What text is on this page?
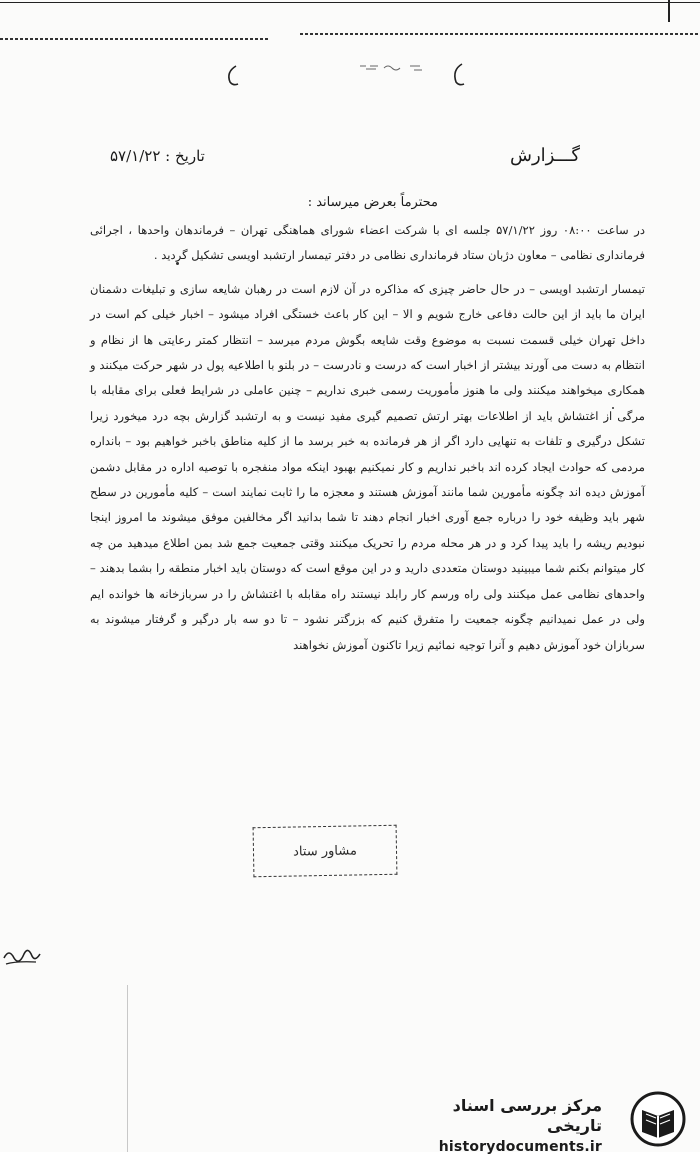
گـــزارش
تاریخ : ۵۷/۱/۲۲
محترماً بعرض میرساند :

در ساعت ۰۸:۰۰ روز ۵۷/۱/۲۲ جلسه ای با شرکت اعضاء شورای هماهنگی تهران – فرماندهان واحدها ، اجرائی فرمانداری نظامی – معاون دژبان ستاد فرمانداری نظامی در دفتر تیمسار ارتشبد اویسی تشکیل گردید .

تیمسار ارتشبد اویسی – در حال حاضر چیزی که مذاکره در آن لازم است در رهبان شایعه سازی و تبلیغات دشمنان ایران ما باید از این حالت دفاعی خارج شویم و الا – این کار باعث خستگی افراد میشود – اخبار خیلی کم است در داخل تهران خیلی قسمت نسبت به موضوع وقت شایعه بگوش مردم میرسد – انتظار کمتر رعایتی ها از نظام و انتظام به دست می آورند بیشتر از اخبار است که درست و نادرست – در بلنو با اطلاعیه پول در شهر حرکت میکنند و همکاری میخواهند میکنند ولی ما هنوز مأموریت رسمی خبری نداریم – چنین عاملی در شرایط فعلی برای مقابله با مرگی از اغتشاش باید از اطلاعات بهتر ارتش تصمیم گیری مفید نیست و به ارتشبد گزارش بچه درد میخورد زیرا تشکل درگیری و تلفات به تنهایی دارد اگر از هر فرمانده به خبر برسد ما از کلیه مناطق باخبر خواهیم بود – بانداره مردمی که حوادث ایجاد کرده اند باخبر نداریم و کار نمیکنیم بهبود اینکه مواد منفجره با توصیه اداره در مقابل دشمن آموزش دیده اند چگونه مأمورین شما مانند آموزش هستند و معجزه ما را ثابت نمایند است – کلیه مأمورین در سطح شهر باید وظیفه خود را درباره جمع آوری اخبار انجام دهند تا شما بدانید اگر مخالفین موفق میشوند ما امروز اینجا نبودیم ریشه را باید پیدا کرد و در هر محله مردم را تحریک میکنند وقتی جمعیت جمع شد بمن اطلاع میدهید من چه کار میتوانم بکنم شما میبینید دوستان متعددی دارید و در این موقع است که دوستان باید اخبار منطقه را بشما بدهند – واحدهای نظامی عمل میکنند ولی راه ورسم کار رابلد نیستند راه مقابله با اغتشاش را در سربازخانه ها خوانده ایم ولی در عمل نمیدانیم چگونه جمعیت را متفرق کنیم که بزرگتر نشود – تا دو سه بار درگیر و گرفتار میشوند به سربازان خود آموزش دهیم و آنرا توجیه نمائیم زیرا تاکنون آموزش نخواهند

مشاور ستاد
مرکز بررسی اسناد تاریخی
historydocuments.ir
